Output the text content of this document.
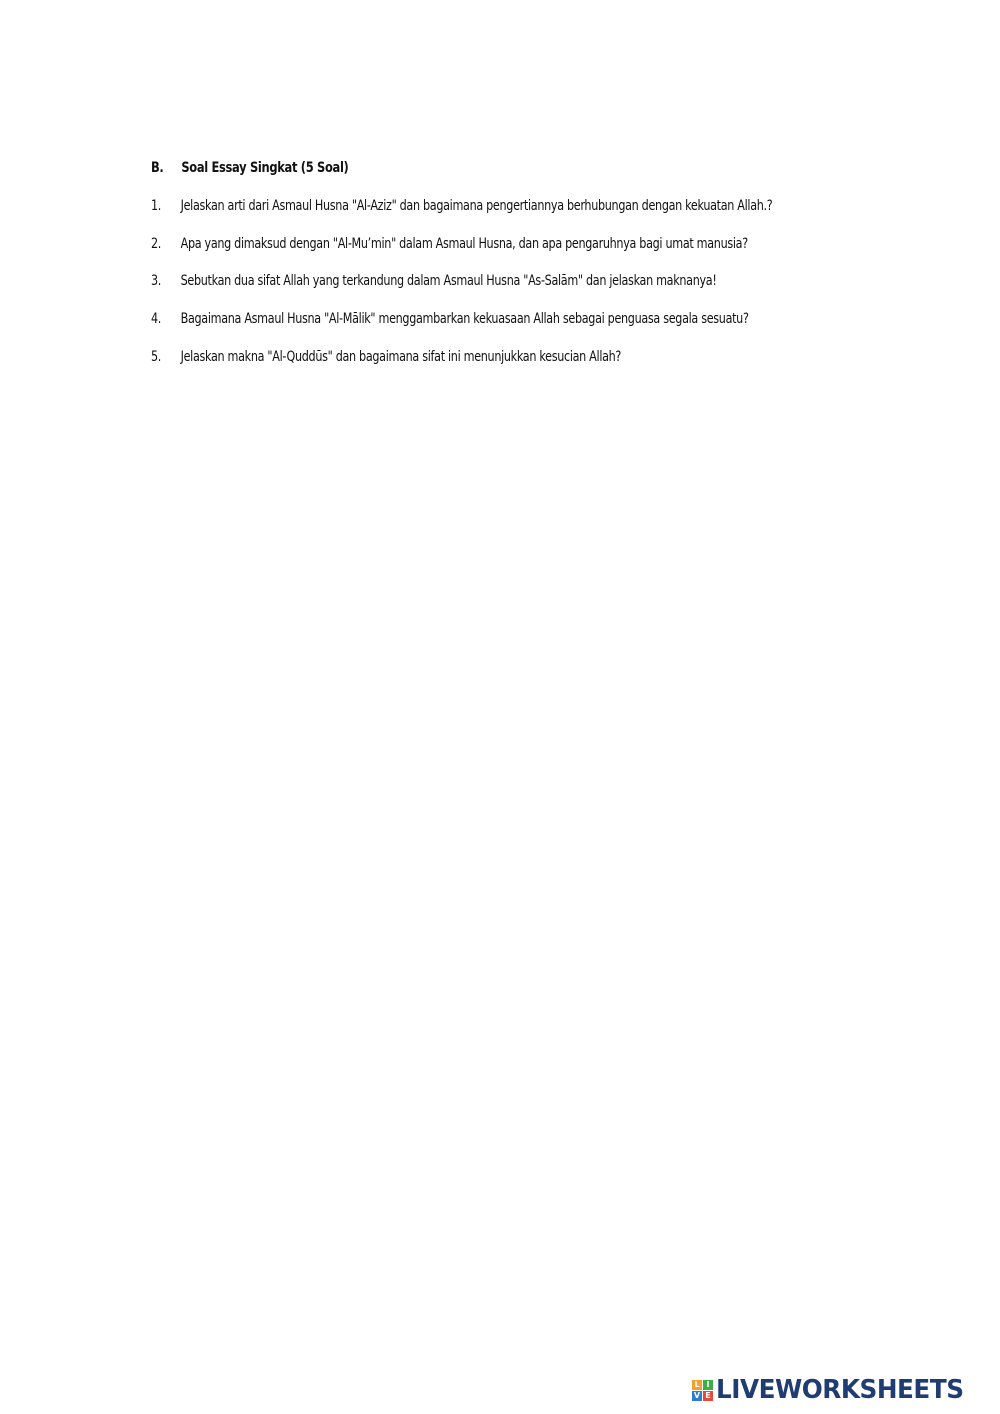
B. Soal Essay Singkat (5 Soal)
1. Jelaskan arti dari Asmaul Husna "Al-Aziz" dan bagaimana pengertiannya berhubungan dengan kekuatan Allah.?
2. Apa yang dimaksud dengan "Al-Mu’min" dalam Asmaul Husna, dan apa pengaruhnya bagi umat manusia?
3. Sebutkan dua sifat Allah yang terkandung dalam Asmaul Husna "As-Salām" dan jelaskan maknanya!
4. Bagaimana Asmaul Husna "Al-Mālik" menggambarkan kekuasaan Allah sebagai penguasa segala sesuatu?
5. Jelaskan makna "Al-Quddūs" dan bagaimana sifat ini menunjukkan kesucian Allah?
L I
V E LIVEWORKSHEETS
